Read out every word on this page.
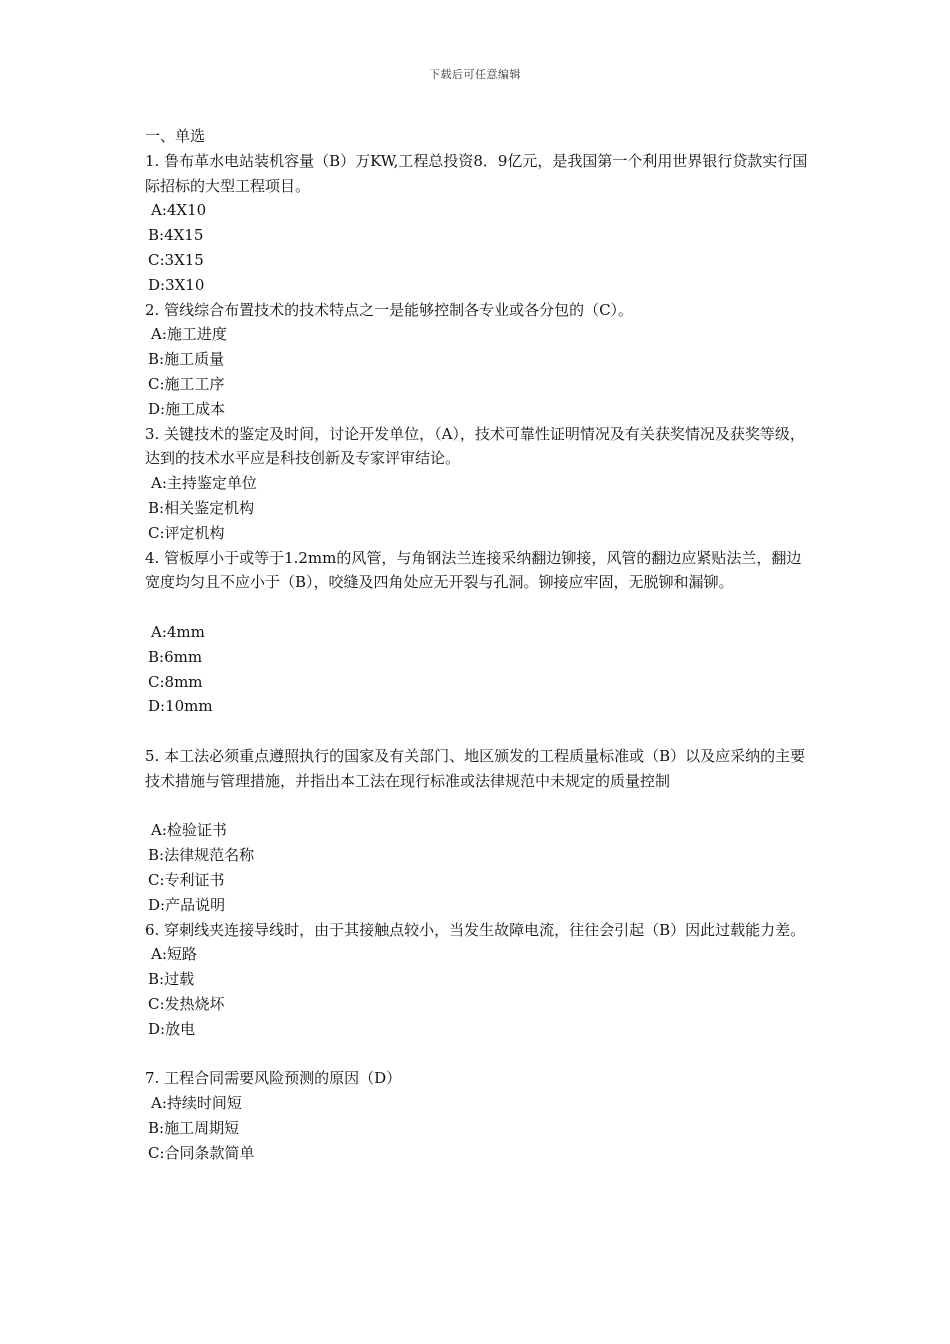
下载后可任意编辑

一、单选

1. 鲁布革水电站装机容量（B）万KW,工程总投资8．9亿元，是我国第一个利用世界银行贷款实行国际招标的大型工程项目。

A:4X10

B:4X15

C:3X15

D:3X10

2. 管线综合布置技术的技术特点之一是能够控制各专业或各分包的（C）。

A:施工进度

B:施工质量

C:施工工序

D:施工成本

3. 关键技术的鉴定及时间，讨论开发单位，（A），技术可靠性证明情况及有关获奖情况及获奖等级，达到的技术水平应是科技创新及专家评审结论。

A:主持鉴定单位

B:相关鉴定机构

C:评定机构

4. 管板厚小于或等于1.2mm的风管，与角钢法兰连接采纳翻边铆接，风管的翻边应紧贴法兰，翻边宽度均匀且不应小于（B），咬缝及四角处应无开裂与孔洞。铆接应牢固，无脱铆和漏铆。

A:4mm

B:6mm

C:8mm

D:10mm

5. 本工法必须重点遵照执行的国家及有关部门、地区颁发的工程质量标准或（B）以及应采纳的主要技术措施与管理措施，并指出本工法在现行标准或法律规范中未规定的质量控制

A:检验证书

B:法律规范名称

C:专利证书

D:产品说明

6. 穿刺线夹连接导线时，由于其接触点较小，当发生故障电流，往往会引起（B）因此过载能力差。

A:短路

B:过载

C:发热烧坏

D:放电

7. 工程合同需要风险预测的原因（D）

A:持续时间短

B:施工周期短

C:合同条款简单
